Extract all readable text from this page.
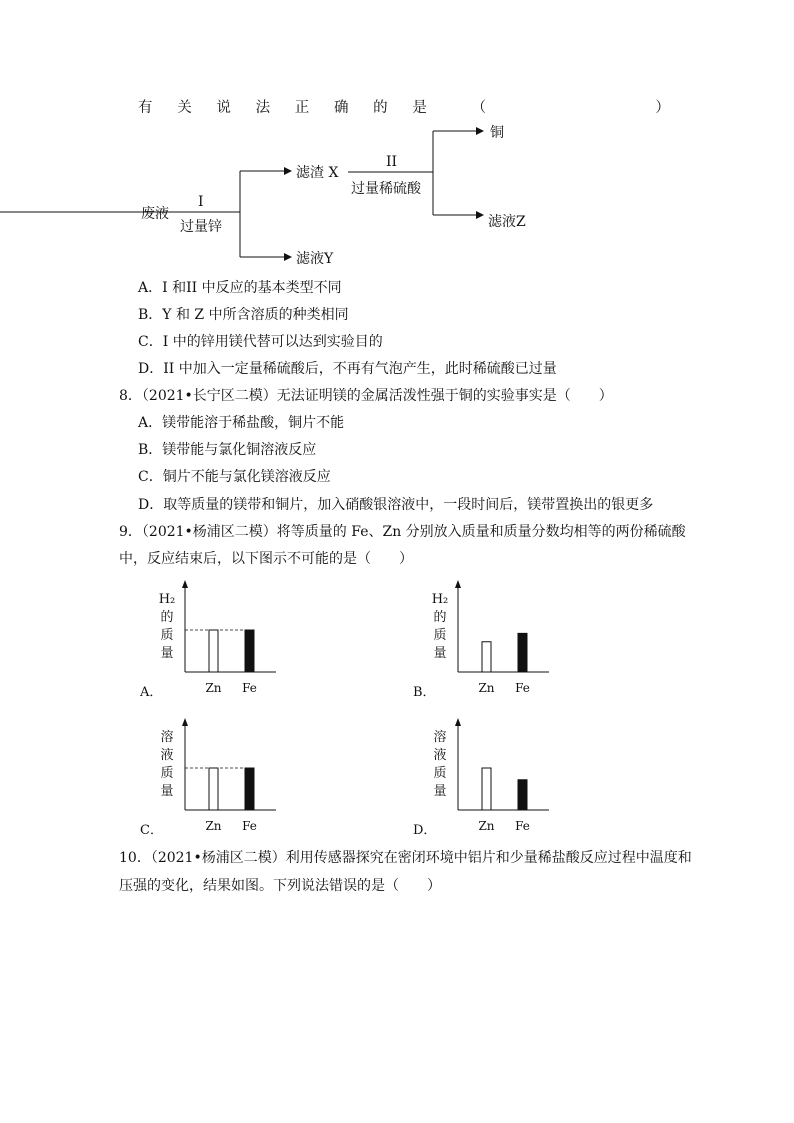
有 关 说 法 正 确 的 是	（	）
废液
I
过量锌
滤渣 X
滤液Y
II
过量稀硫酸
铜
滤液Z
A．I 和II 中反应的基本类型不同
B．Y 和 Z 中所含溶质的种类相同
C．I 中的锌用镁代替可以达到实验目的
D．II 中加入一定量稀硫酸后，不再有气泡产生，此时稀硫酸已过量
8．（2021•长宁区二模）无法证明镁的金属活泼性强于铜的实验事实是（　　）
A．镁带能溶于稀盐酸，铜片不能
B．镁带能与氯化铜溶液反应
C．铜片不能与氯化镁溶液反应
D．取等质量的镁带和铜片，加入硝酸银溶液中，一段时间后，镁带置换出的银更多
9．（2021•杨浦区二模）将等质量的 Fe、Zn 分别放入质量和质量分数均相等的两份稀硫酸
中，反应结束后，以下图示不可能的是（　　）
H₂
的
质
量
Zn Fe
A．
H₂
的
质
量
Zn Fe
B．
溶
液
质
量
Zn Fe
C．
溶
液
质
量
Zn Fe
D．
10．（2021•杨浦区二模）利用传感器探究在密闭环境中铝片和少量稀盐酸反应过程中温度和
压强的变化，结果如图。下列说法错误的是（　　）
